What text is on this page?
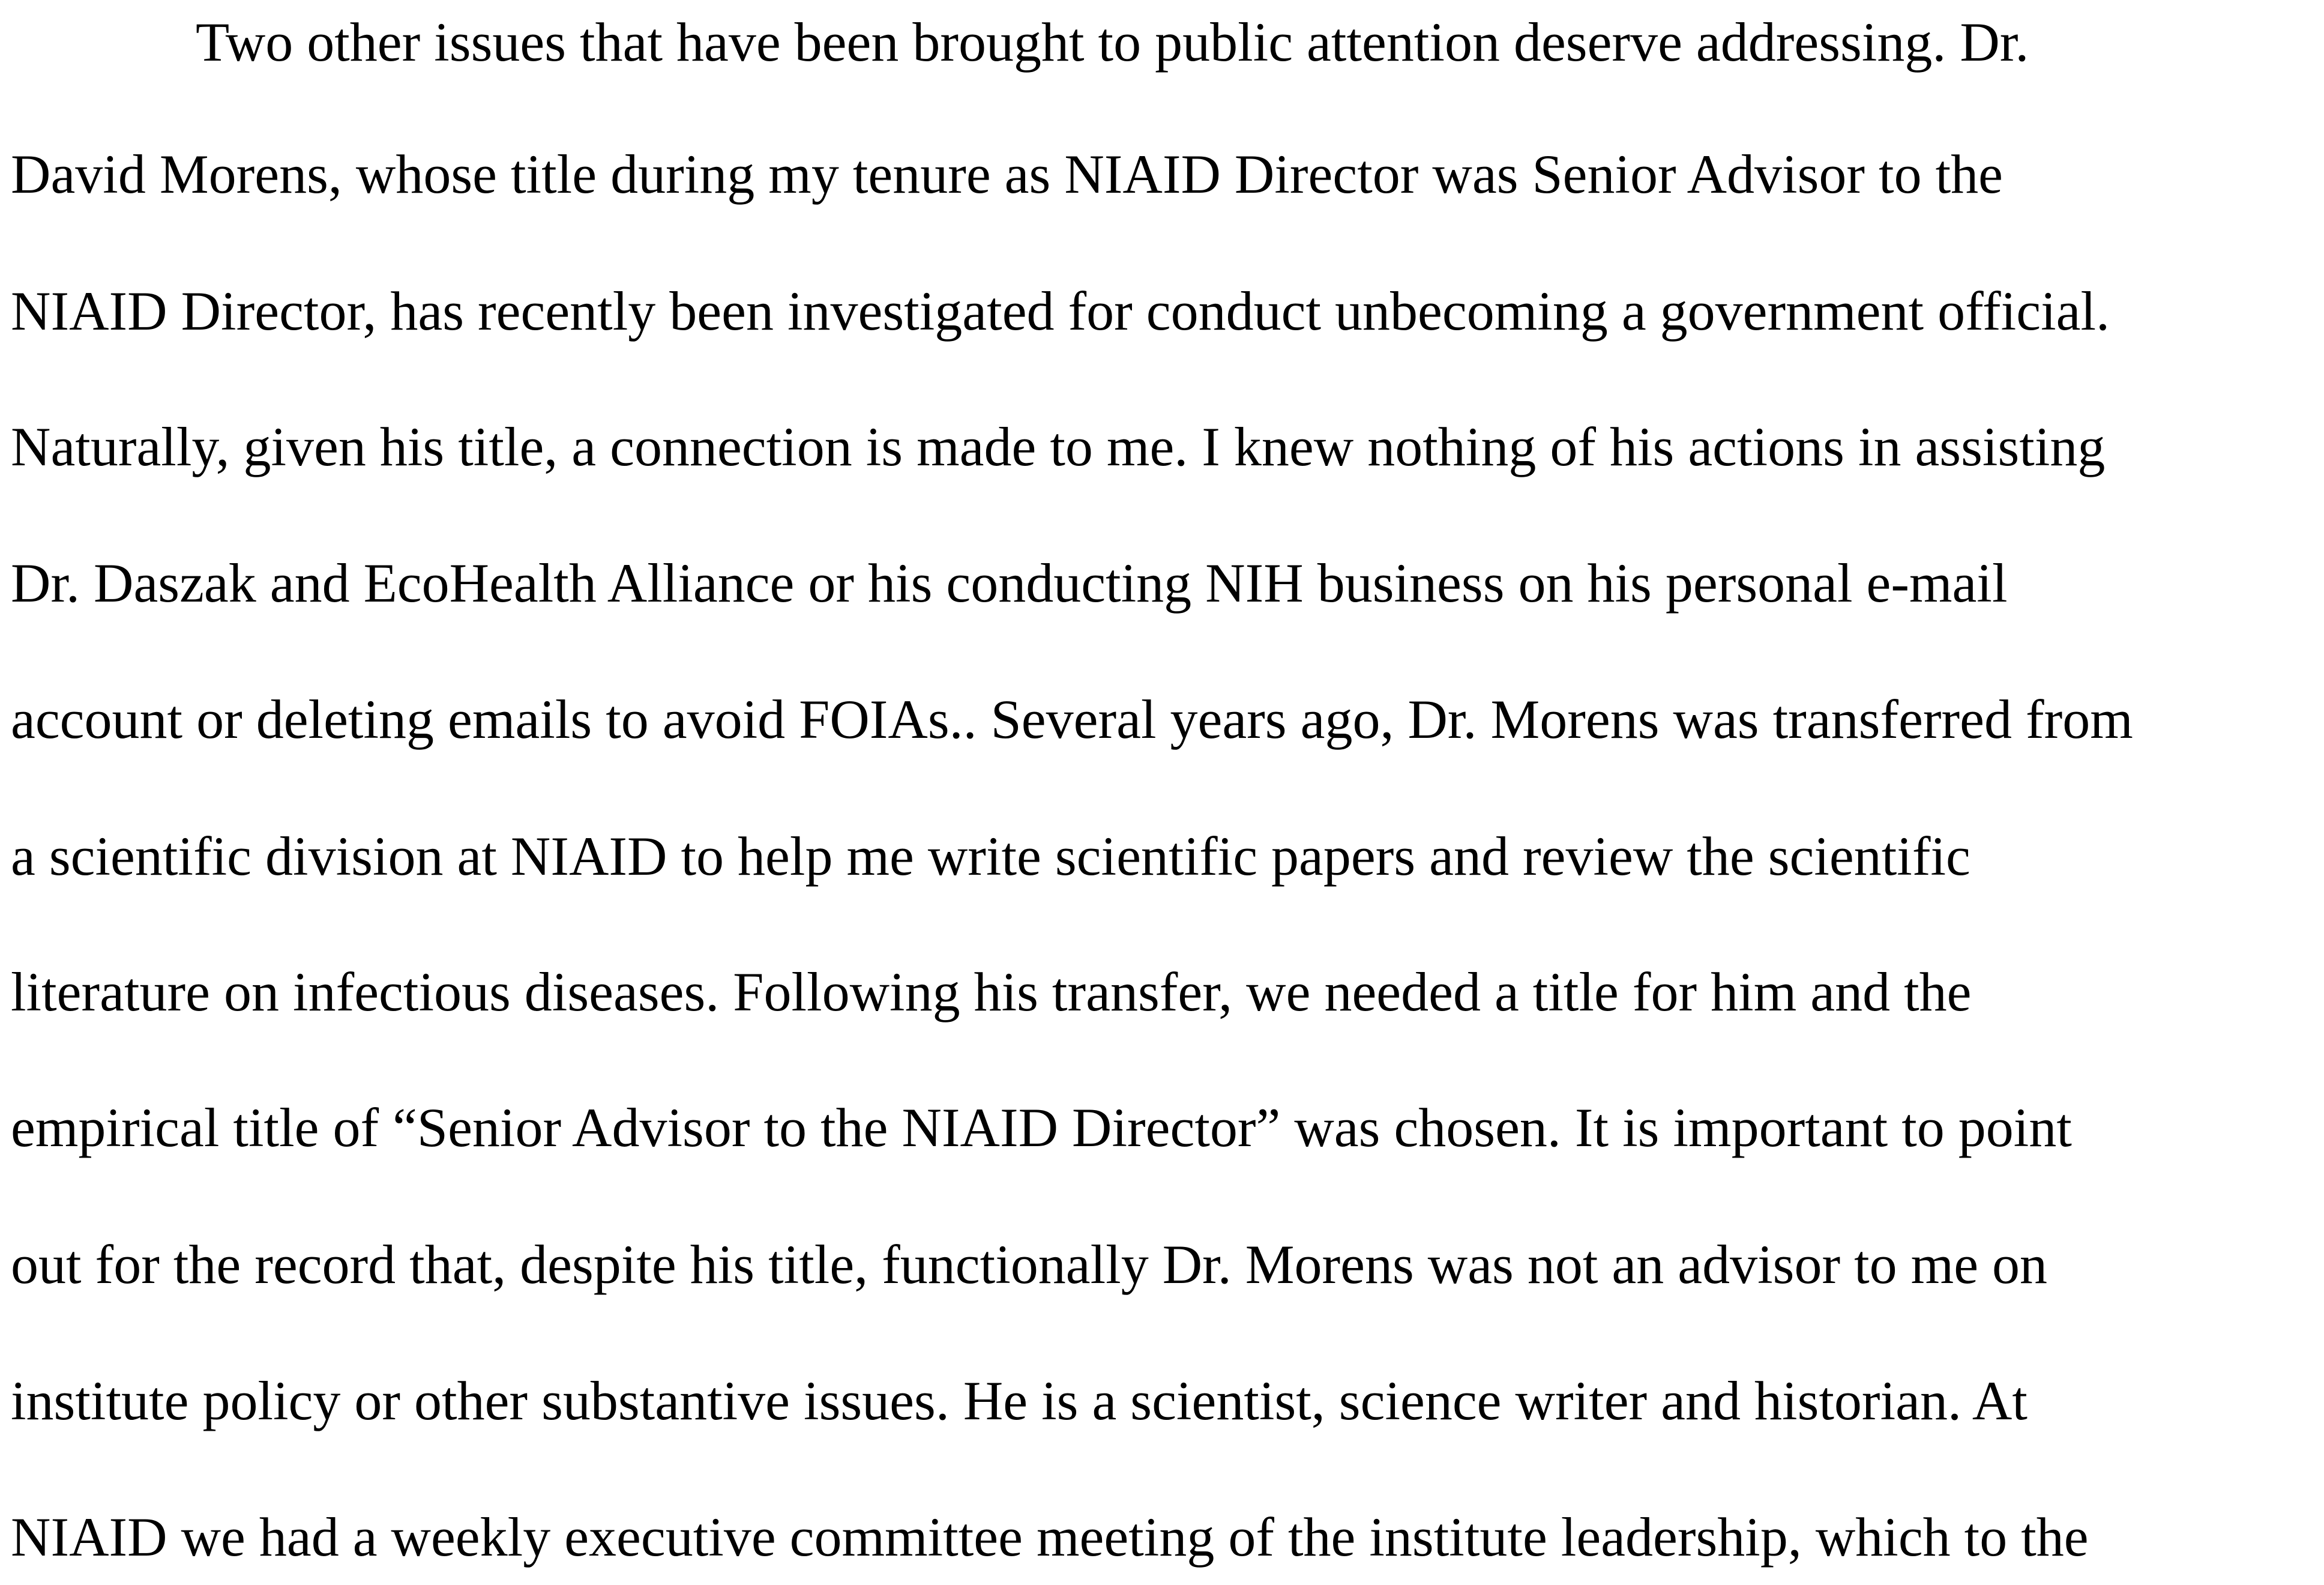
Two other issues that have been brought to public attention deserve addressing. Dr.
David Morens, whose title during my tenure as NIAID Director was Senior Advisor to the
NIAID Director, has recently been investigated for conduct unbecoming a government official.
Naturally, given his title, a connection is made to me. I knew nothing of his actions in assisting
Dr. Daszak and EcoHealth Alliance or his conducting NIH business on his personal e-mail
account or deleting emails to avoid FOIAs.. Several years ago, Dr. Morens was transferred from
a scientific division at NIAID to help me write scientific papers and review the scientific
literature on infectious diseases. Following his transfer, we needed a title for him and the
empirical title of “Senior Advisor to the NIAID Director” was chosen. It is important to point
out for the record that, despite his title, functionally Dr. Morens was not an advisor to me on
institute policy or other substantive issues. He is a scientist, science writer and historian. At
NIAID we had a weekly executive committee meeting of the institute leadership, which to the
